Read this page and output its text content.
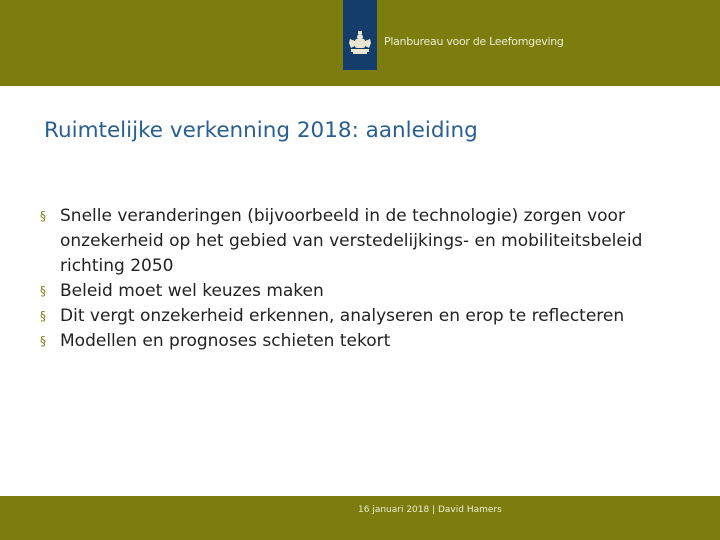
Planbureau voor de Leefomgeving
Ruimtelijke verkenning 2018: aanleiding
§ Snelle veranderingen (bijvoorbeeld in de technologie) zorgen voor onzekerheid op het gebied van verstedelijkings- en mobiliteitsbeleid richting 2050
§ Beleid moet wel keuzes maken
§ Dit vergt onzekerheid erkennen, analyseren en erop te reflecteren
§ Modellen en prognoses schieten tekort
16 januari 2018 | David Hamers
